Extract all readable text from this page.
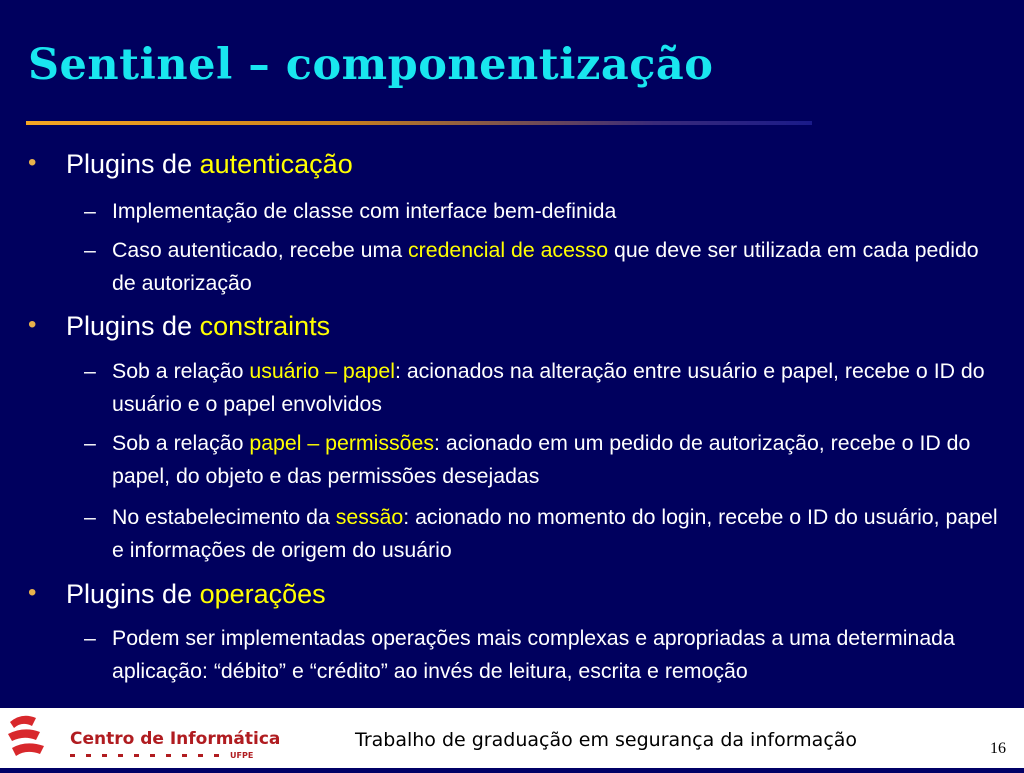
Sentinel – componentização
• Plugins de autenticação
– Implementação de classe com interface bem-definida
– Caso autenticado, recebe uma credencial de acesso que deve ser utilizada em cada pedido de autorização
• Plugins de constraints
– Sob a relação usuário – papel: acionados na alteração entre usuário e papel, recebe o ID do usuário e o papel envolvidos
– Sob a relação papel – permissões: acionado em um pedido de autorização, recebe o ID do papel, do objeto e das permissões desejadas
– No estabelecimento da sessão: acionado no momento do login, recebe o ID do usuário, papel e informações de origem do usuário
• Plugins de operações
– Podem ser implementadas operações mais complexas e apropriadas a uma determinada aplicação: “débito” e “crédito” ao invés de leitura, escrita e remoção
Centro de Informática
UFPE
Trabalho de graduação em segurança da informação	16
